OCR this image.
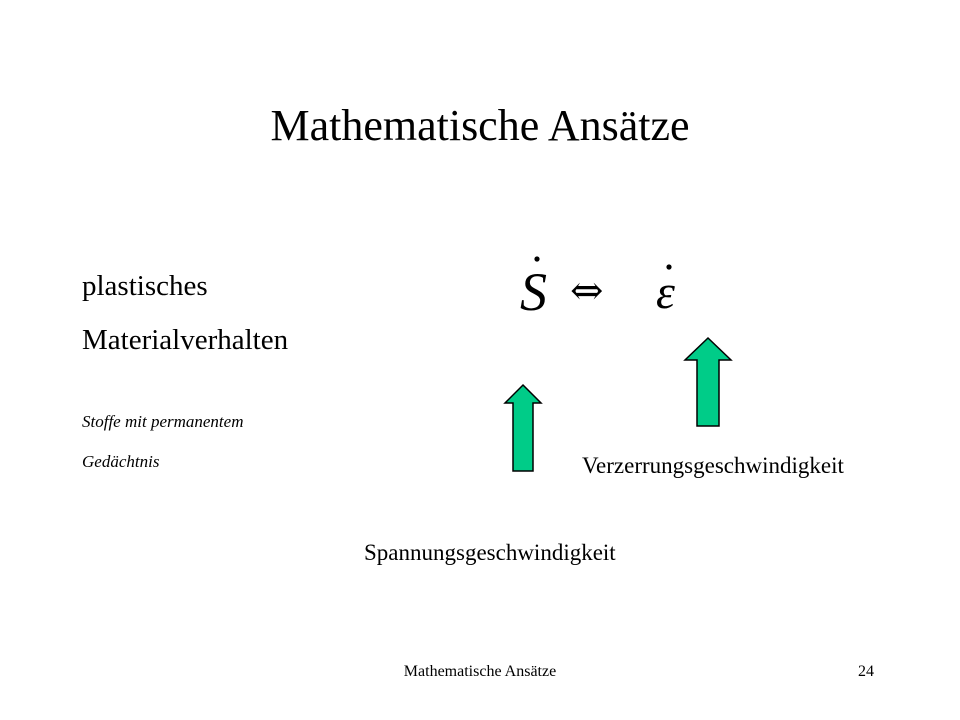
Mathematische Ansätze
plastisches
Materialverhalten
Stoffe mit permanentem
Gedächtnis
S ⇔ ε
Verzerrungsgeschwindigkeit
Spannungsgeschwindigkeit
Mathematische Ansätze	24
